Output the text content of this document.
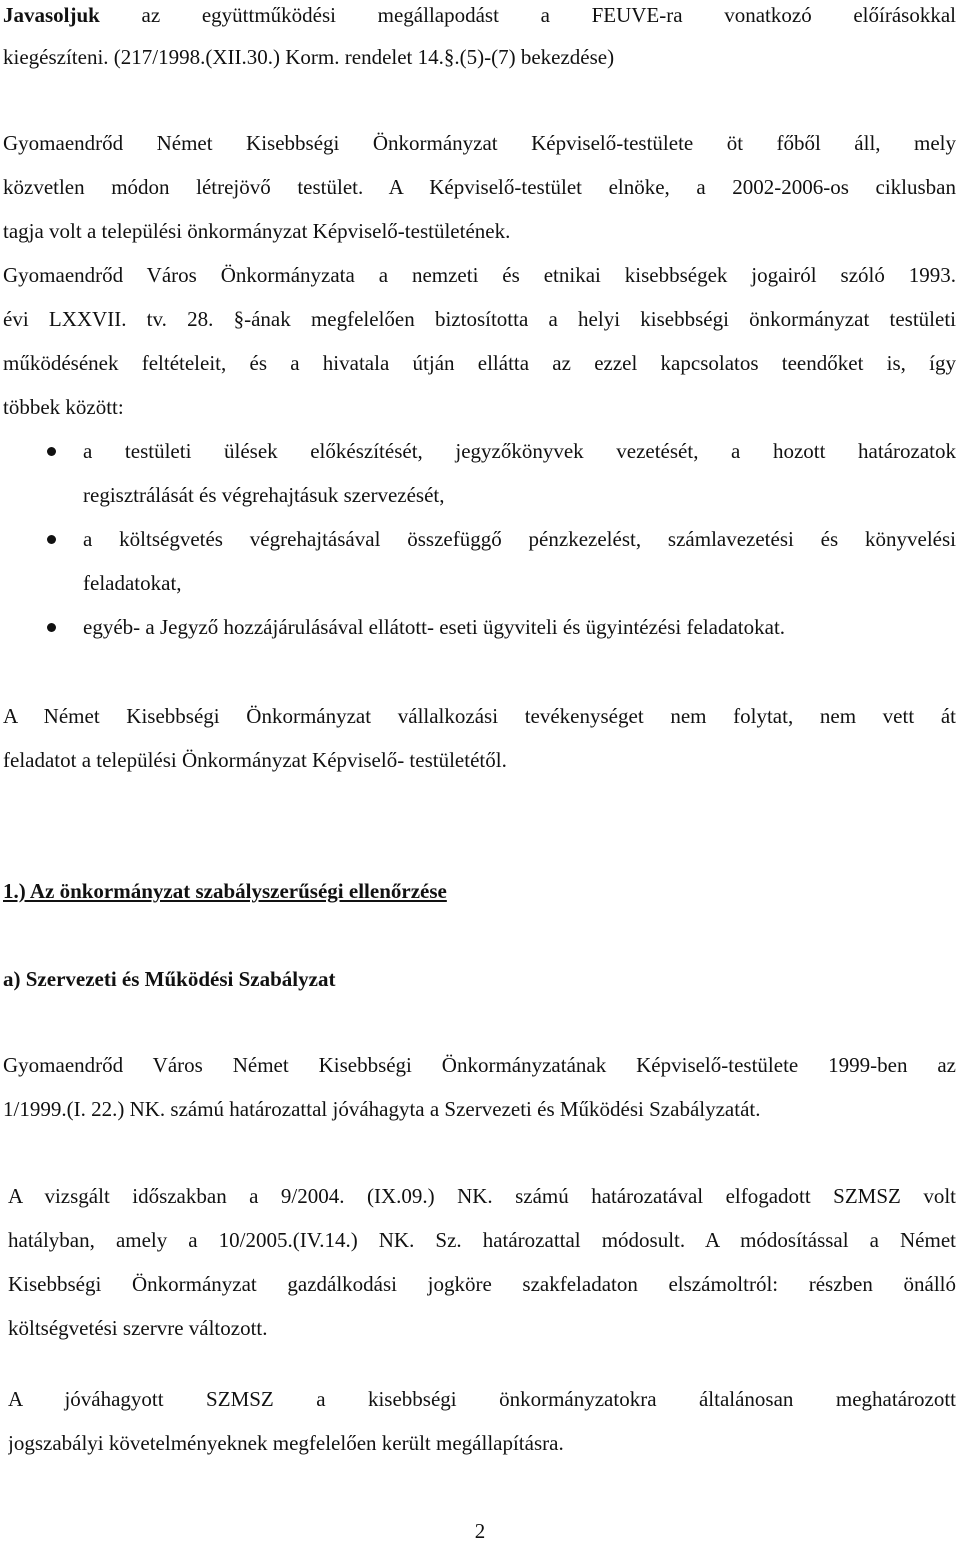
Javasoljuk az együttműködési megállapodást a FEUVE-ra vonatkozó előírásokkal
kiegészíteni. (217/1998.(XII.30.) Korm. rendelet 14.§.(5)-(7) bekezdése)
Gyomaendrőd Német Kisebbségi Önkormányzat Képviselő-testülete öt főből áll, mely
közvetlen módon létrejövő testület. A Képviselő-testület elnöke, a 2002-2006-os ciklusban
tagja volt a települési önkormányzat Képviselő-testületének.
Gyomaendrőd Város Önkormányzata a nemzeti és etnikai kisebbségek jogairól szóló 1993.
évi LXXVII. tv. 28. §-ának megfelelően biztosította a helyi kisebbségi önkormányzat testületi
működésének feltételeit, és a hivatala útján ellátta az ezzel kapcsolatos teendőket is, így
többek között:
a testületi ülések előkészítését, jegyzőkönyvek vezetését, a hozott határozatok
regisztrálását és végrehajtásuk szervezését,
a költségvetés végrehajtásával összefüggő pénzkezelést, számlavezetési és könyvelési
feladatokat,
egyéb- a Jegyző hozzájárulásával ellátott- eseti ügyviteli és ügyintézési feladatokat.
A Német Kisebbségi Önkormányzat vállalkozási tevékenységet nem folytat, nem vett át
feladatot a települési Önkormányzat Képviselő- testületétől.
1.) Az önkormányzat szabályszerűségi ellenőrzése
a) Szervezeti és Működési Szabályzat
Gyomaendrőd Város Német Kisebbségi Önkormányzatának Képviselő-testülete 1999-ben az
1/1999.(I. 22.) NK. számú határozattal jóváhagyta a Szervezeti és Működési Szabályzatát.
A vizsgált időszakban a 9/2004. (IX.09.) NK. számú határozatával elfogadott SZMSZ volt
hatályban, amely a 10/2005.(IV.14.) NK. Sz. határozattal módosult. A módosítással a Német
Kisebbségi Önkormányzat gazdálkodási jogköre szakfeladaton elszámoltról: részben önálló
költségvetési szervre változott.
A jóváhagyott SZMSZ a kisebbségi önkormányzatokra általánosan meghatározott
jogszabályi követelményeknek megfelelően került megállapításra.
2
